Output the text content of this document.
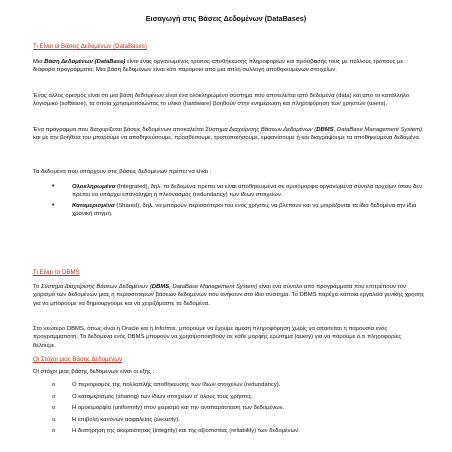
Εισαγωγή στις Βάσεις Δεδομένων (DataBases)
Τι Είναι οι Βάσεις Δεδομένων (DataBases)

Μια Βάση Δεδομένων (DataBase) είναι ένας οργανωμένος τρόπος αποθήκευσης πληροφοριών και πρόσβασής τους με πολλούς τρόπους με διάφορα προγράμματα. Μια βάση δεδομένων είναι κάτι παρόμοιο από μια απλή συλλογή αποθηκευμένων στοιχείων.

Ένας άλλος ορισμός είναι ότι μια βάση δεδομένων είναι ένα ολοκληρωμένο σύστημα που αποτελείται από δεδομένα (data) και από το κατάλληλο λογισμικό (software), τα οποία χρησιμοποιώντας το υλικό (hardware) βοηθούν στην ενημέρωση και πληροφόρηση των χρηστών (users).

Ένα πρόγραμμα που διαχειρίζεται βάσεις δεδομένων αποκαλείται Σύστημα Διαχείρισης Βάσεων Δεδομένων (DBMS, DataBase Management System) και με την βοήθειά του μπορούμε να αποθηκεύσουμε, προσθέσουμε, τροποποιήσουμε, εμφανίσουμε ή και διαγράψουμε τα αποθηκευμένα δεδομένα.

Τα δεδομένα που υπάρχουν στις βάσεις δεδομένων πρέπει να είναι :

•
Ολοκληρωμένα (Integrated), δηλ. τα δεδομένα πρέπει να είναι αποθηκευμένα σε ομοιόμορφα οργανωμένα σύνολα αρχείων όπου δεν πρέπει να υπάρχει επανάληψη ή πλεονασμός (redundancy) των ίδιων στοιχείων.
•
Καταμερισμένα (Shared), δηλ. να μπορούν περισσότεροι του ενός χρήστες να βλέπουν και να μοιράζονται τα ίδια δεδομένα την ίδια χρονική στιγμή.
Τι Είναι το DBMS

Το Σύστημα Διαχείρισης Βάσεων Δεδομένων (DBMS, DataBase Management System) είναι ένα σύνολο από προγράμματα που επιτρέπουν τον χειρισμό των δεδομένων μιας ή περισσοτέρων βάσεων δεδομένων που ανήκουν στο ίδιο σύστημα. Το DBMS παρέχει κάποια εργαλεία γενικής χρήσης για να μπορούμε να δημιουργούμε και να χειριζόμαστε τα δεδομένα.

Στο νεώτερο DBMS, όπως είναι η Oracle και η Informix, μπορούμε να έχουμε άμεση πληροφόρηση χωρίς να απαιτείται η παρουσία ενός προγραμματιστή. Τα δεδομένα ενός DBMS μπορούν να χρησιμοποιηθούν σε κάθε μορφής ερώτημα (query) για να πάρουμε ό,τι πληροφορίες θέλουμε.

Οι Στόχοι μιας Βάσης Δεδομένων

Οι στόχοι μιας βάσης δεδομένων είναι οι εξής :

o
Ο περιορισμός της πολλαπλής αποθήκευσης των ίδιων στοιχείων (redundancy).
o
Ο καταμερισμός (sharing) των ίδιων στοιχείων σ' όλους τους χρήστες.
o
Η ομοιομορφία (uniformity) στον χειρισμό και την αναπαράσταση των δεδομένων.
o
Η επιβολή κανόνων ασφαλείας (security).
o
Η διατήρηση της ακεραιότητας (integrity) και της αξιοπιστίας (reliability) των δεδομένων.
